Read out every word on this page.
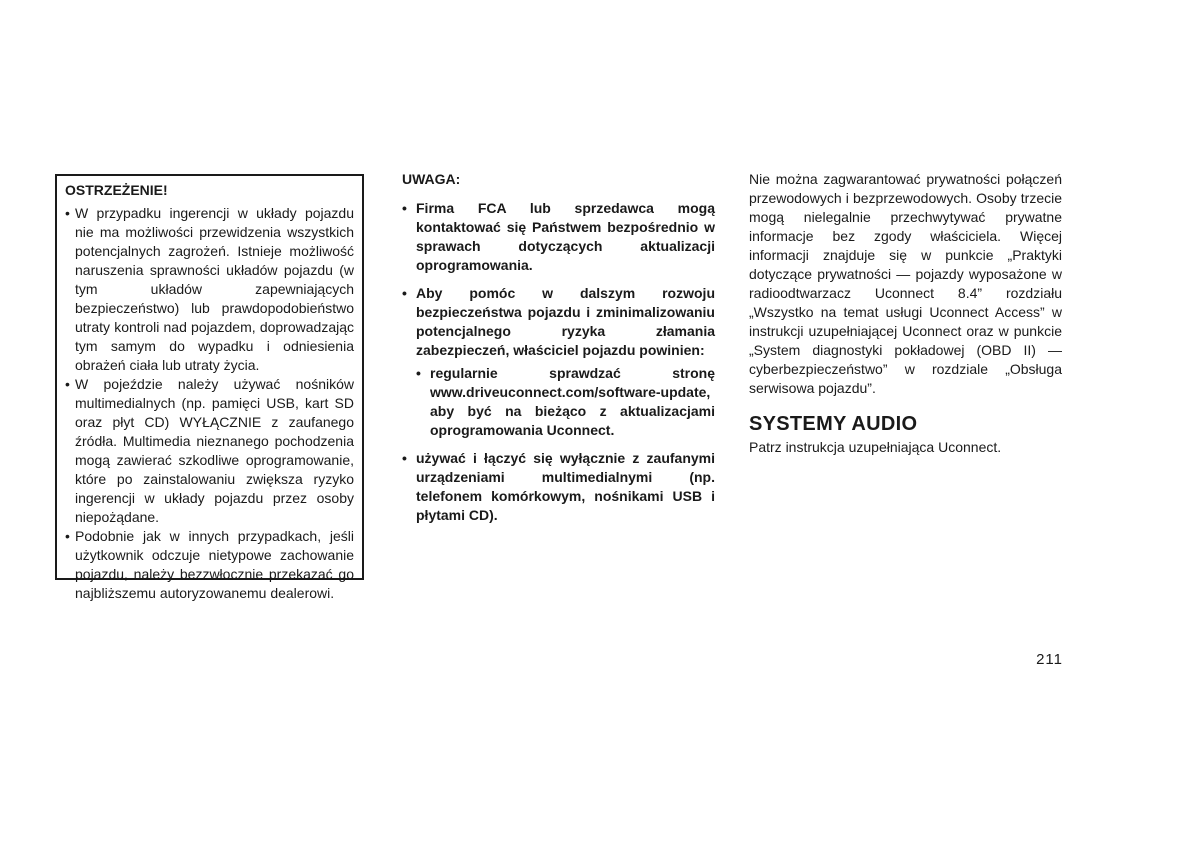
OSTRZEŻENIE!

• W przypadku ingerencji w układy pojazdu nie ma możliwości przewidzenia wszystkich potencjalnych zagrożeń. Istnieje możliwość naruszenia sprawności układów pojazdu (w tym układów zapewniających bezpieczeństwo) lub prawdopodobieństwo utraty kontroli nad pojazdem, doprowadzając tym samym do wypadku i odniesienia obrażeń ciała lub utraty życia.
• W pojeździe należy używać nośników multimedialnych (np. pamięci USB, kart SD oraz płyt CD) WYŁĄCZNIE z zaufanego źródła. Multimedia nieznanego pochodzenia mogą zawierać szkodliwe oprogramowanie, które po zainstalowaniu zwiększa ryzyko ingerencji w układy pojazdu przez osoby niepożądane.
• Podobnie jak w innych przypadkach, jeśli użytkownik odczuje nietypowe zachowanie pojazdu, należy bezzwłocznie przekazać go najbliższemu autoryzowanemu dealerowi.

UWAGA:

• Firma FCA lub sprzedawca mogą kontaktować się Państwem bezpośrednio w sprawach dotyczących aktualizacji oprogramowania.
• Aby pomóc w dalszym rozwoju bezpieczeństwa pojazdu i zminimalizowaniu potencjalnego ryzyka złamania zabezpieczeń, właściciel pojazdu powinien:
• regularnie sprawdzać stronę www.driveuconnect.com/software-update, aby być na bieżąco z aktualizacjami oprogramowania Uconnect.
• używać i łączyć się wyłącznie z zaufanymi urządzeniami multimedialnymi (np. telefonem komórkowym, nośnikami USB i płytami CD).

Nie można zagwarantować prywatności połączeń przewodowych i bezprzewodowych. Osoby trzecie mogą nielegalnie przechwytywać prywatne informacje bez zgody właściciela. Więcej informacji znajduje się w punkcie „Praktyki dotyczące prywatności — pojazdy wyposażone w radioodtwarzacz Uconnect 8.4” rozdziału „Wszystko na temat usługi Uconnect Access” w instrukcji uzupełniającej Uconnect oraz w punkcie „System diagnostyki pokładowej (OBD II) — cyberbezpieczeństwo” w rozdziale „Obsługa serwisowa pojazdu”.

SYSTEMY AUDIO

Patrz instrukcja uzupełniająca Uconnect.

211
